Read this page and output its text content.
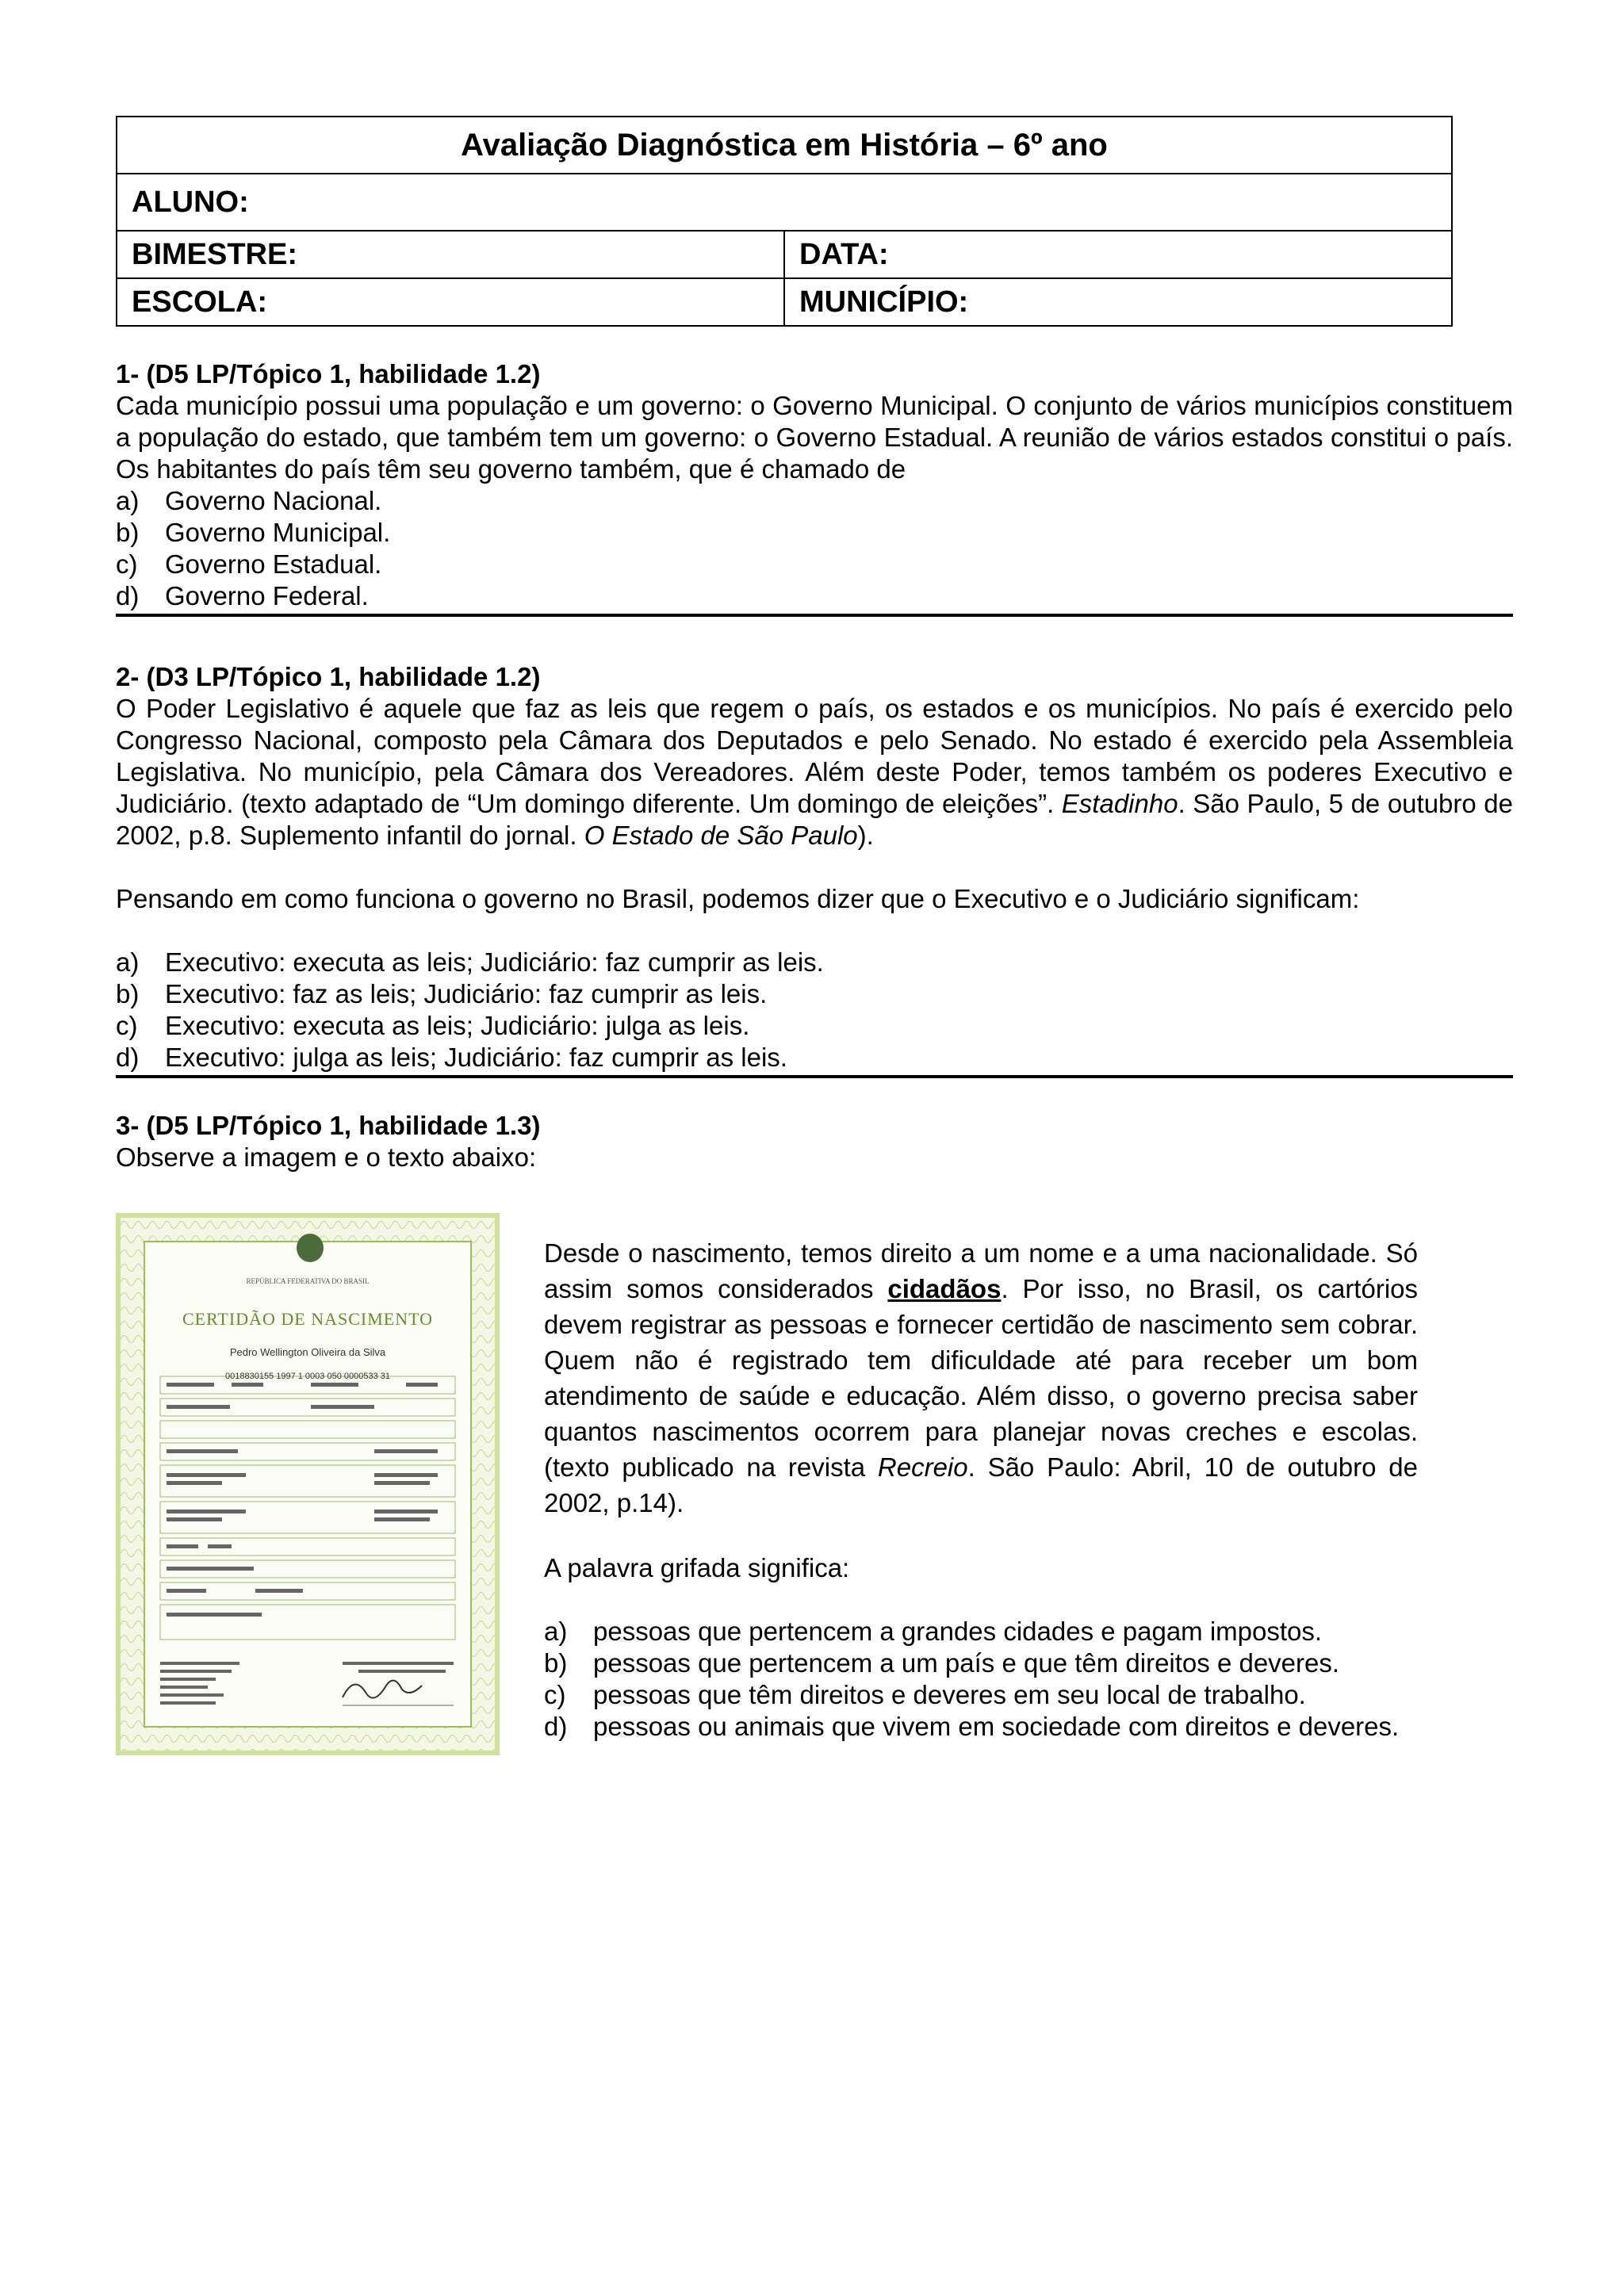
Avaliação Diagnóstica em História – 6º ano	
ALUNO:	
BIMESTRE:	DATA:
ESCOLA:	MUNICÍPIO:

1- (D5 LP/Tópico 1, habilidade 1.2)

Cada município possui uma população e um governo: o Governo Municipal. O conjunto de vários municípios constituem a população do estado, que também tem um governo: o Governo Estadual. A reunião de vários estados constitui o país. Os habitantes do país têm seu governo também, que é chamado de

a) Governo Nacional.
b) Governo Municipal.
c)	Governo Estadual.
d) Governo Federal.

2- (D3 LP/Tópico 1, habilidade 1.2)

O Poder Legislativo é aquele que faz as leis que regem o país, os estados e os municípios. No país é exercido pelo Congresso Nacional, composto pela Câmara dos Deputados e pelo Senado. No estado é exercido pela Assembleia Legislativa. No município, pela Câmara dos Vereadores. Além deste Poder, temos também os poderes Executivo e Judiciário. (texto adaptado de “Um domingo diferente. Um domingo de eleições”. Estadinho. São Paulo, 5 de outubro de 2002, p.8. Suplemento infantil do jornal. O Estado de São Paulo).

Pensando em como funciona o governo no Brasil, podemos dizer que o Executivo e o Judiciário significam:

a) Executivo: executa as leis; Judiciário: faz cumprir as leis.
b) Executivo: faz as leis; Judiciário: faz cumprir as leis.
c)	Executivo: executa as leis; Judiciário: julga as leis.
d) Executivo: julga as leis; Judiciário: faz cumprir as leis.

3- (D5 LP/Tópico 1, habilidade 1.3)

Observe a imagem e o texto abaixo:

REPÚBLICA FEDERATIVA DO BRASIL
CERTIDÃO DE NASCIMENTO
Pedro Wellington Oliveira da Silva
0018830155 1997 1 0003 050 0000533 31

Desde o nascimento, temos direito a um nome e a uma nacionalidade. Só assim somos considerados cidadãos. Por isso, no Brasil, os cartórios devem registrar as pessoas e fornecer certidão de nascimento sem cobrar. Quem não é registrado tem dificuldade até para receber um bom atendimento de saúde e educação. Além disso, o governo precisa saber quantos nascimentos ocorrem para planejar novas creches e escolas. (texto publicado na revista Recreio. São Paulo: Abril, 10 de outubro de 2002, p.14).

A palavra grifada significa:

a) pessoas que pertencem a grandes cidades e pagam impostos.
b) pessoas que pertencem a um país e que têm direitos e deveres.
c)	pessoas que têm direitos e deveres em seu local de trabalho.
d) pessoas ou animais que vivem em sociedade com direitos e deveres.
